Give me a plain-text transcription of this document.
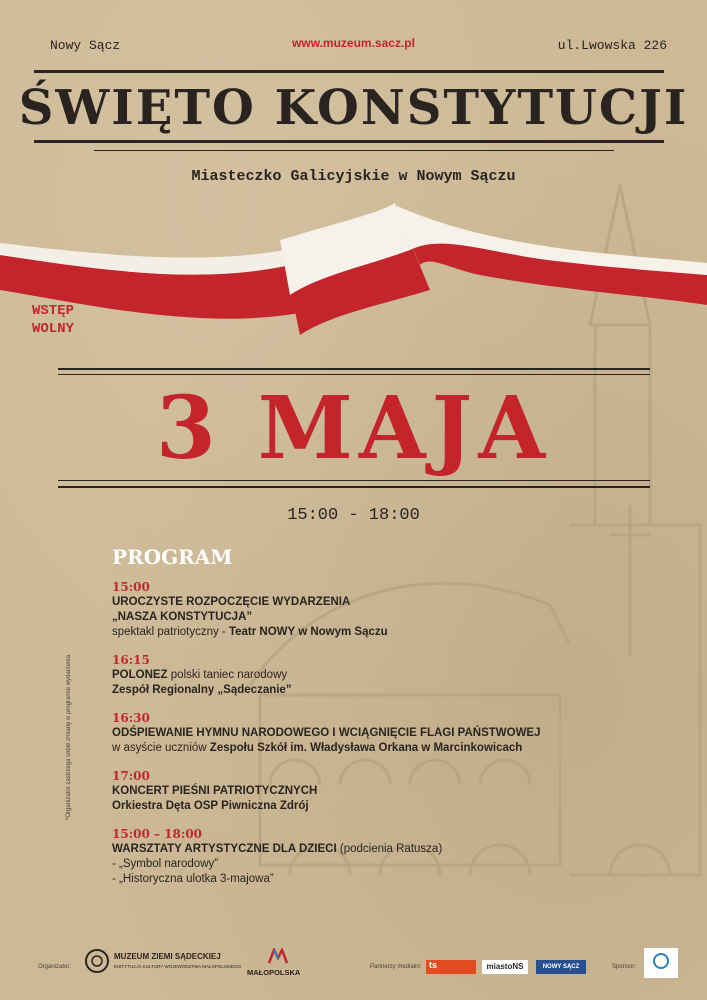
Nowy Sącz	www.muzeum.sacz.pl	ul.Lwowska 226
ŚWIĘTO KONSTYTUCJI
Miasteczko Galicyjskie w Nowym Sączu
WSTĘP
WOLNY
3 MAJA
15:00 - 18:00
PROGRAM
15:00
UROCZYSTE ROZPOCZĘCIE WYDARZENIA
„NASZA KONSTYTUCJA”
spektakl patriotyczny - Teatr NOWY w Nowym Sączu
16:15
POLONEZ polski taniec narodowy
Zespół Regionalny „Sądeczanie”
16:30
ODŚPIEWANIE HYMNU NARODOWEGO I WCIĄGNIĘCIE FLAGI PAŃSTWOWEJ
w asyście uczniów Zespołu Szkół im. Władysława Orkana w Marcinkowicach
17:00
KONCERT PIEŚNI PATRIOTYCZNYCH
Orkiestra Dęta OSP Piwniczna Zdrój
15:00 – 18:00
WARSZTATY ARTYSTYCZNE DLA DZIECI (podcienia Ratusza)
- „Symbol narodowy”
- „Historyczna ulotka 3-majowa”
*Organizator zastrzega sobie zmianę w programie wydarzenia.
Organizator:
MUZEUM ZIEMI SĄDECKIEJ
INSTYTUCJA KULTURY WOJEWÓDZTWA MAŁOPOLSKIEGO
MAŁOPOLSKA
Partnerzy medialni: ts	miastoNS	NOWY SĄCZ	Sponsor:
